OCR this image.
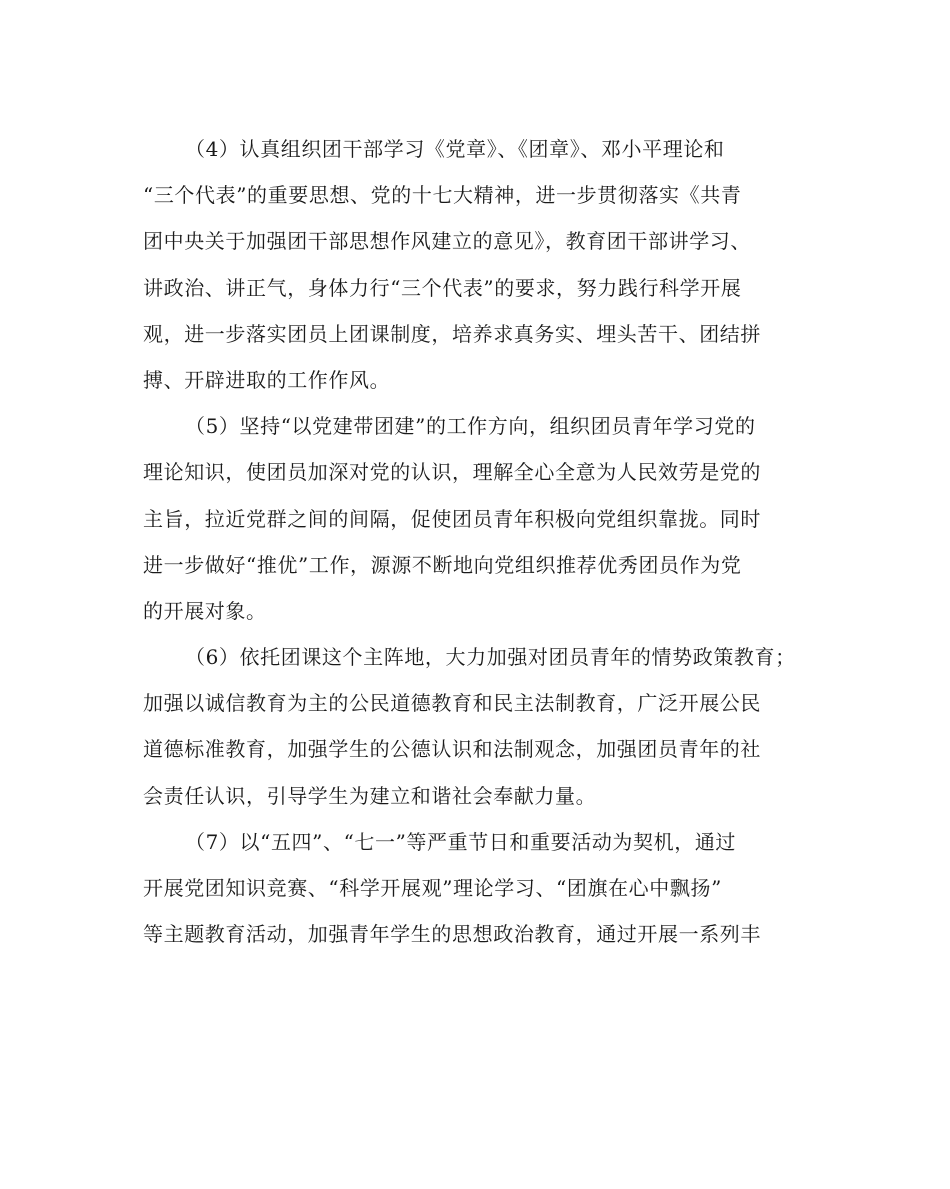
（4）认真组织团干部学习《党章》、《团章》、邓小平理论和
“三个代表”的重要思想、党的十七大精神，进一步贯彻落实《共青
团中央关于加强团干部思想作风建立的意见》，教育团干部讲学习、
讲政治、讲正气，身体力行“三个代表”的要求，努力践行科学开展
观，进一步落实团员上团课制度，培养求真务实、埋头苦干、团结拼
搏、开辟进取的工作作风。
（5）坚持“以党建带团建”的工作方向，组织团员青年学习党的
理论知识，使团员加深对党的认识，理解全心全意为人民效劳是党的
主旨，拉近党群之间的间隔，促使团员青年积极向党组织靠拢。同时
进一步做好“推优”工作，源源不断地向党组织推荐优秀团员作为党
的开展对象。
（6）依托团课这个主阵地，大力加强对团员青年的情势政策教育；
加强以诚信教育为主的公民道德教育和民主法制教育，广泛开展公民
道德标准教育，加强学生的公德认识和法制观念，加强团员青年的社
会责任认识，引导学生为建立和谐社会奉献力量。
（7）以“五四”、“七一”等严重节日和重要活动为契机，通过
开展党团知识竞赛、“科学开展观”理论学习、“团旗在心中飘扬”
等主题教育活动，加强青年学生的思想政治教育，通过开展一系列丰
